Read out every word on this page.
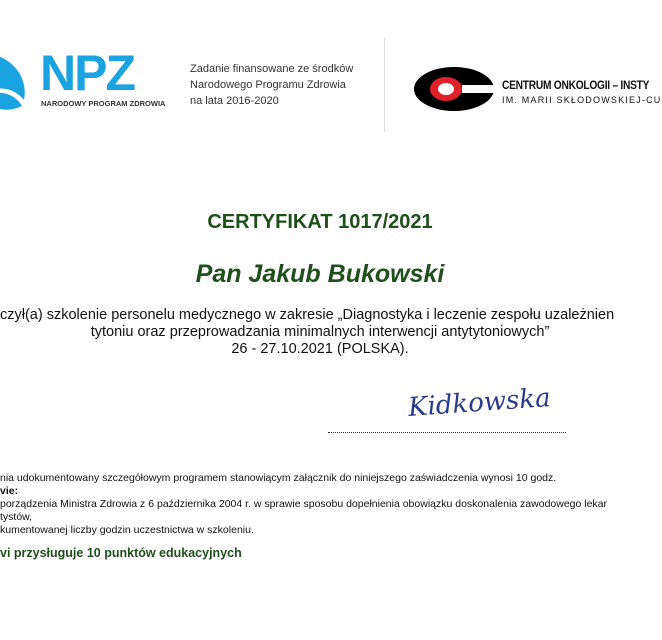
NPZ
NARODOWY PROGRAM ZDROWIA
Zadanie finansowane ze środków
Narodowego Programu Zdrowia
na lata 2016-2020
CENTRUM ONKOLOGII – INSTY
IM. MARII SKŁODOWSKIEJ-CU
CERTYFIKAT 1017/2021
Pan Jakub Bukowski
czył(a) szkolenie personelu medycznego w zakresie „Diagnostyka i leczenie zespołu uzależnien
tytoniu oraz przeprowadzania minimalnych interwencji antytytoniowych”
26 - 27.10.2021 (POLSKA).
Kidkowska
nia udokumentowany szczegółowym programem stanowiącym załącznik do niniejszego zaświadczenia wynosi 10 godz.
vie:
porządzenia Ministra Zdrowia z 6 października 2004 r. w sprawie sposobu dopełnienia obowiązku doskonalenia zawodowego lekar
tystów,
kumentowanej liczby godzin uczestnictwa w szkoleniu.
vi przysługuje 10 punktów edukacyjnych
